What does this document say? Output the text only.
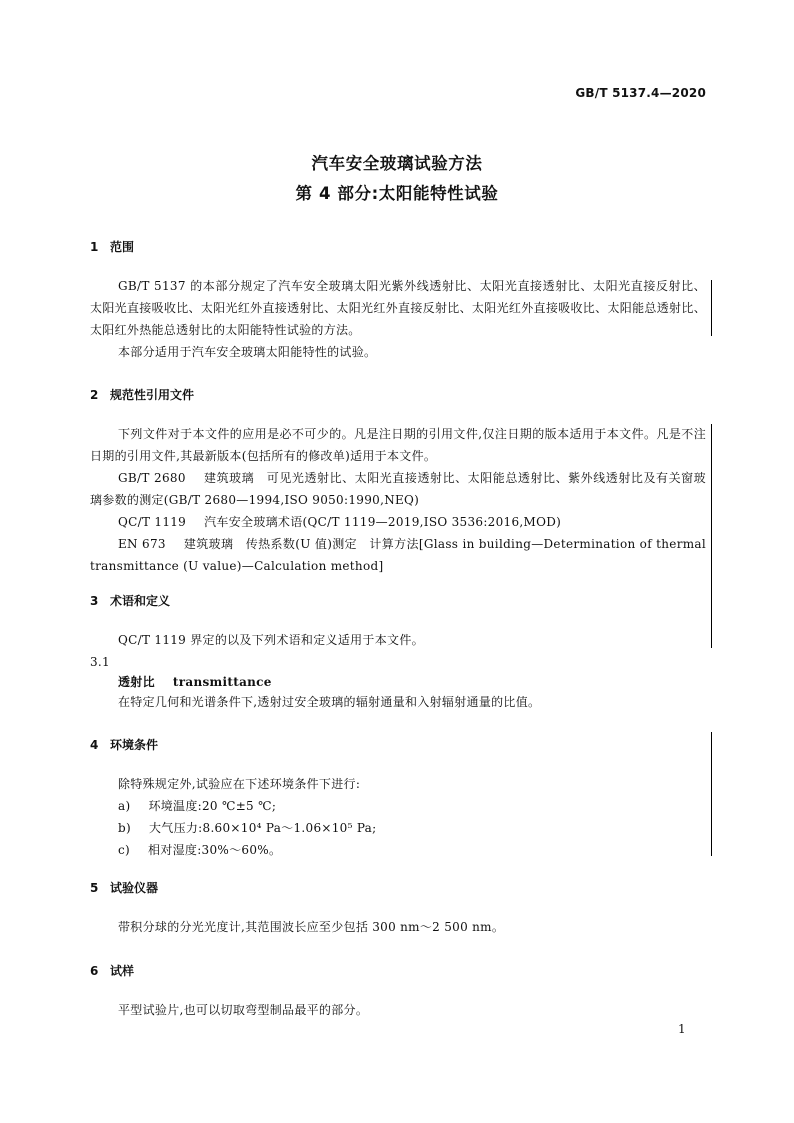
GB/T 5137.4—2020
汽车安全玻璃试验方法
第 4 部分:太阳能特性试验
1 范围
GB/T 5137 的本部分规定了汽车安全玻璃太阳光紫外线透射比、太阳光直接透射比、太阳光直接反射比、太阳光直接吸收比、太阳光红外直接透射比、太阳光红外直接反射比、太阳光红外直接吸收比、太阳能总透射比、太阳红外热能总透射比的太阳能特性试验的方法。
本部分适用于汽车安全玻璃太阳能特性的试验。
2 规范性引用文件
下列文件对于本文件的应用是必不可少的。凡是注日期的引用文件,仅注日期的版本适用于本文件。凡是不注日期的引用文件,其最新版本(包括所有的修改单)适用于本文件。
GB/T 2680 建筑玻璃　可见光透射比、太阳光直接透射比、太阳能总透射比、紫外线透射比及有关窗玻璃参数的测定(GB/T 2680—1994,ISO 9050:1990,NEQ)
QC/T 1119 汽车安全玻璃术语(QC/T 1119—2019,ISO 3536:2016,MOD)
EN 673 建筑玻璃　传热系数(U 值)测定　计算方法[Glass in building—Determination of thermal transmittance (U value)—Calculation method]
3 术语和定义
QC/T 1119 界定的以及下列术语和定义适用于本文件。
3.1
透射比 transmittance
在特定几何和光谱条件下,透射过安全玻璃的辐射通量和入射辐射通量的比值。
4 环境条件
除特殊规定外,试验应在下述环境条件下进行:
a) 环境温度:20 ℃±5 ℃;
b) 大气压力:8.60×10⁴ Pa～1.06×10⁵ Pa;
c) 相对湿度:30%～60%。
5 试验仪器
带积分球的分光光度计,其范围波长应至少包括 300 nm～2 500 nm。
6 试样
平型试验片,也可以切取弯型制品最平的部分。
1
